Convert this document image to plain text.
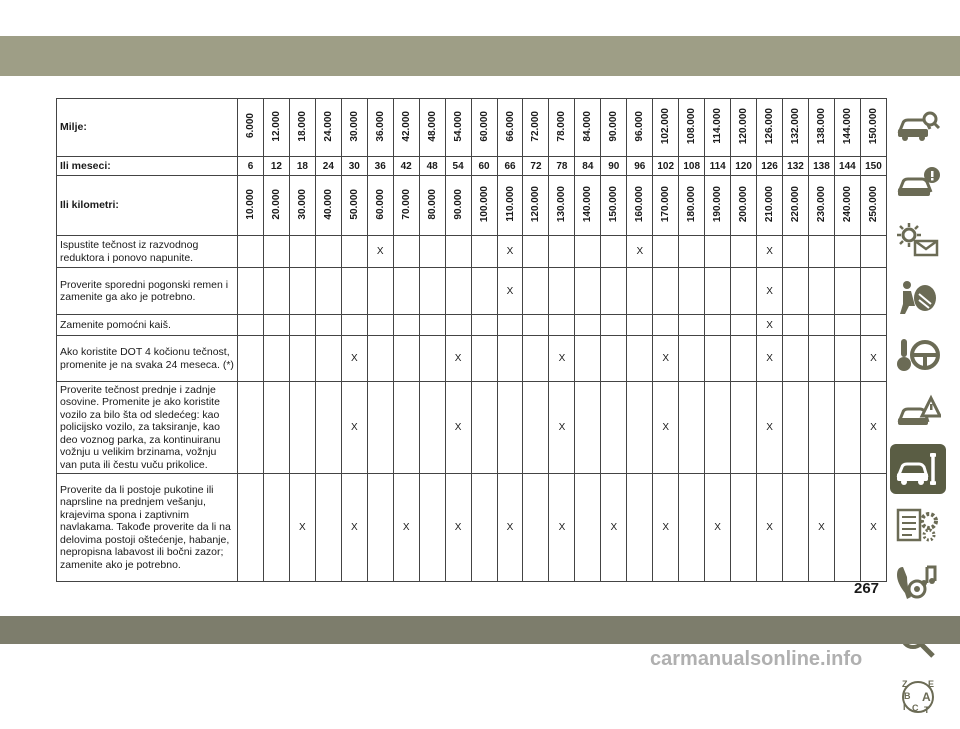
Milje:	6.000	12.000	18.000	24.000	30.000	36.000	42.000	48.000	54.000	60.000	66.000	72.000	78.000	84.000	90.000	96.000	102.000	108.000	114.000	120.000	126.000	132.000	138.000	144.000	150.000
Ili meseci:	6	12	18	24	30	36	42	48	54	60	66	72	78	84	90	96	102	108	114	120	126	132	138	144	150
Ili kilometri:	10.000	20.000	30.000	40.000	50.000	60.000	70.000	80.000	90.000	100.000	110.000	120.000	130.000	140.000	150.000	160.000	170.000	180.000	190.000	200.000	210.000	220.000	230.000	240.000	250.000
Ispustite tečnost iz razvodnog reduktora i ponovo napunite.						X					X					X					X				
Proverite sporedni pogonski remen i zamenite ga ako je potrebno.											X										X				
Zamenite pomoćni kaiš.																					X				
Ako koristite DOT 4 kočionu tečnost, promenite je na svaka 24 meseca. (*)					X				X				X				X				X				X
Proverite tečnost prednje i zadnje osovine. Promenite je ako koristite vozilo za bilo šta od sledećeg: kao policijsko vozilo, za taksiranje, kao deo voznog parka, za kontinuiranu vožnju u velikim brzinama, vožnju van puta ili čestu vuču prikolice.					X				X				X				X				X				X
Proverite da li postoje pukotine ili naprsline na prednjem vešanju, krajevima spona i zaptivnim navlakama. Takođe proverite da li na delovima postoji oštećenje, habanje, nepropisna labavost ili bočni zazor; zamenite ako je potrebno.			X		X		X		X		X		X		X		X		X		X		X		X
Z E
B A
C
I T
267
carmanualsonline.info
